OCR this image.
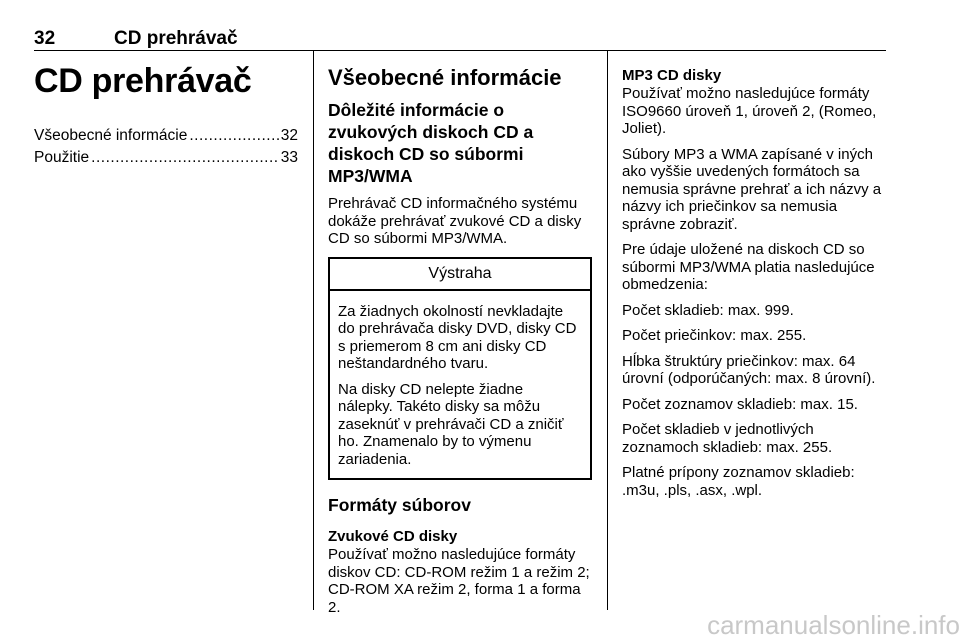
32	CD prehrávač
CD prehrávač
Všeobecné informácie .....	32
Použitie .....	33
Všeobecné informácie
Dôležité informácie o zvukových diskoch CD a diskoch CD so súbormi MP3/WMA

Prehrávač CD informačného systému dokáže prehrávať zvukové CD a disky CD so súbormi MP3/WMA.

Výstraha

Za žiadnych okolností nevkladajte do prehrávača disky DVD, disky CD s priemerom 8 cm ani disky CD neštandardného tvaru.

Na disky CD nelepte žiadne nálepky. Takéto disky sa môžu zaseknúť v prehrávači CD a zničiť ho. Znamenalo by to výmenu zariadenia.

Formáty súborov
Zvukové CD disky

Používať možno nasledujúce formáty diskov CD: CD-ROM režim 1 a režim 2; CD-ROM XA režim 2, forma 1 a forma 2.

MP3 CD disky

Používať možno nasledujúce formáty ISO9660 úroveň 1, úroveň 2, (Romeo, Joliet).

Súbory MP3 a WMA zapísané v iných ako vyššie uvedených formátoch sa nemusia správne prehrať a ich názvy a názvy ich priečinkov sa nemusia správne zobraziť.

Pre údaje uložené na diskoch CD so súbormi MP3/WMA platia nasledujúce obmedzenia:

Počet skladieb: max. 999.

Počet priečinkov: max. 255.

Hĺbka štruktúry priečinkov: max. 64 úrovní (odporúčaných: max. 8 úrovní).

Počet zoznamov skladieb: max. 15.

Počet skladieb v jednotlivých zoznamoch skladieb: max. 255.

Platné prípony zoznamov skladieb: .m3u, .pls, .asx, .wpl.

carmanualsonline.info
